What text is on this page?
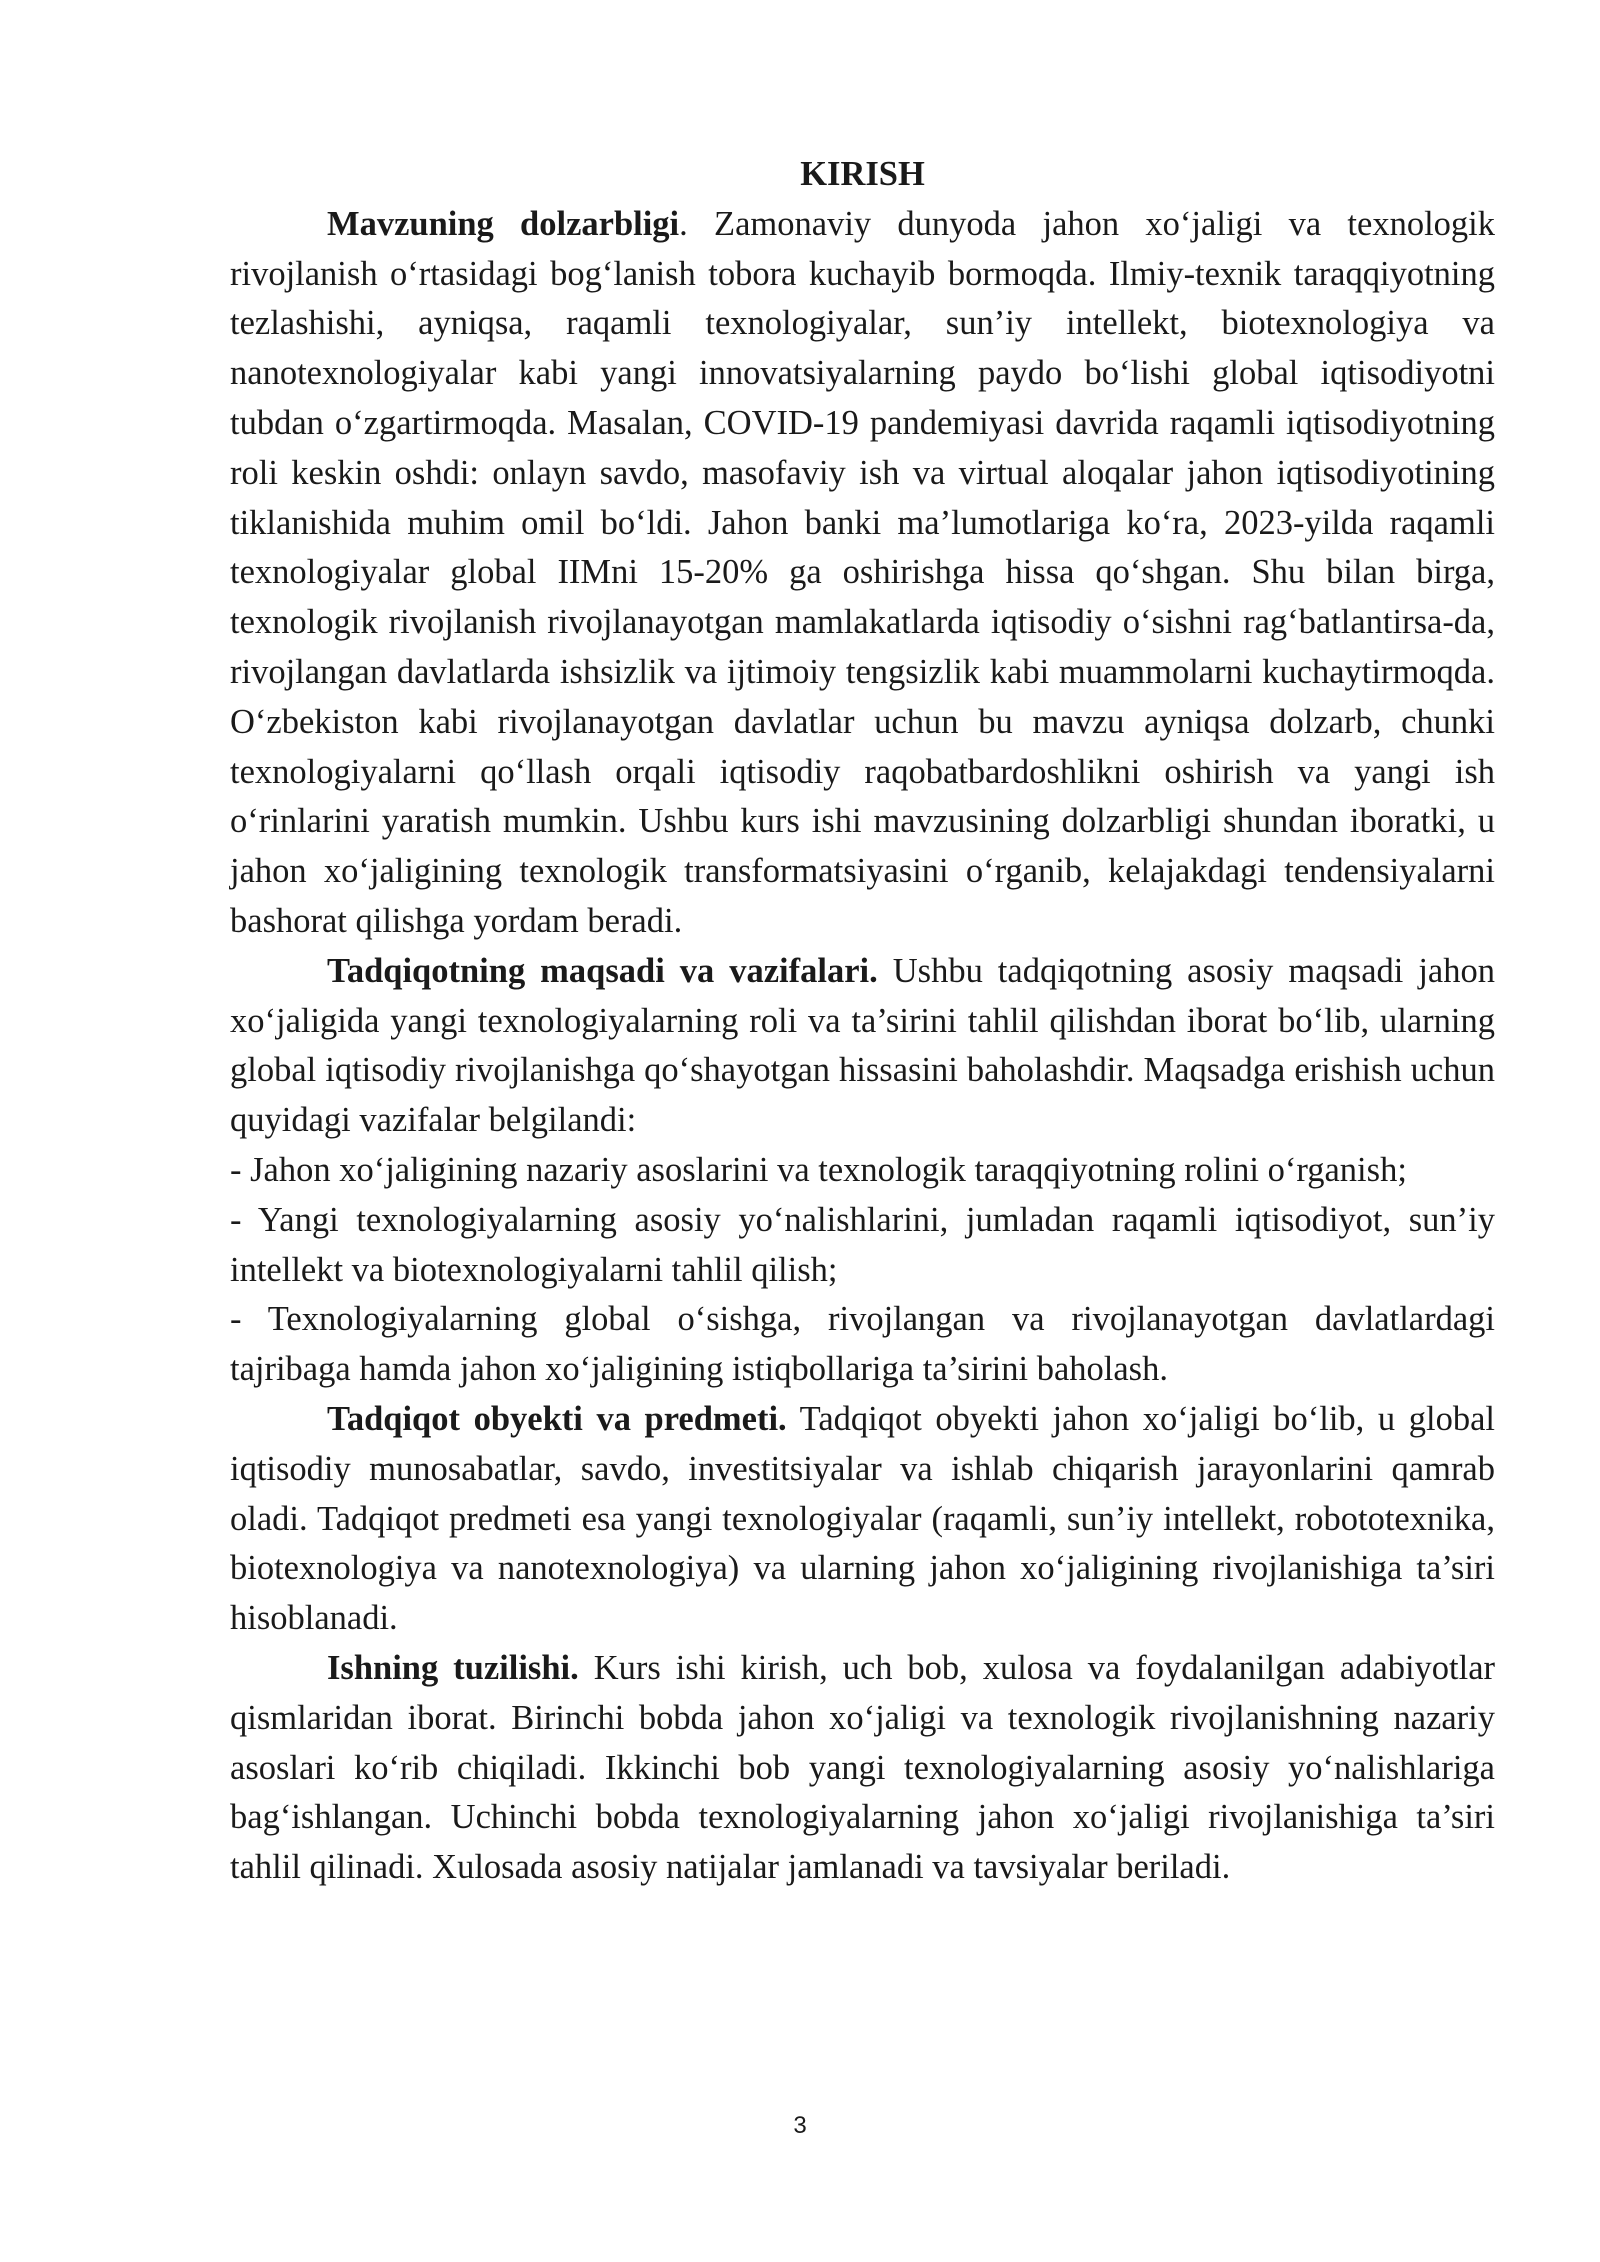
KIRISH

Mavzuning dolzarbligi. Zamonaviy dunyoda jahon xo‘jaligi va texnologik rivojlanish o‘rtasidagi bog‘lanish tobora kuchayib bormoqda. Ilmiy-texnik taraqqiyotning tezlashishi, ayniqsa, raqamli texnologiyalar, sun’iy intellekt, biotexnologiya va nanotexnologiyalar kabi yangi innovatsiyalarning paydo bo‘lishi global iqtisodiyotni tubdan o‘zgartirmoqda. Masalan, COVID-19 pandemiyasi davrida raqamli iqtisodiyotning roli keskin oshdi: onlayn savdo, masofaviy ish va virtual aloqalar jahon iqtisodiyotining tiklanishida muhim omil bo‘ldi. Jahon banki ma’lumotlariga ko‘ra, 2023-yilda raqamli texnologiyalar global IIMni 15-20% ga oshirishga hissa qo‘shgan. Shu bilan birga, texnologik rivojlanish rivojlanayotgan mamlakatlarda iqtisodiy o‘sishni rag‘batlantirsa-da, rivojlangan davlatlarda ishsizlik va ijtimoiy tengsizlik kabi muammolarni kuchaytirmoqda. O‘zbekiston kabi rivojlanayotgan davlatlar uchun bu mavzu ayniqsa dolzarb, chunki texnologiyalarni qo‘llash orqali iqtisodiy raqobatbardoshlikni oshirish va yangi ish o‘rinlarini yaratish mumkin. Ushbu kurs ishi mavzusining dolzarbligi shundan iboratki, u jahon xo‘jaligining texnologik transformatsiyasini o‘rganib, kelajakdagi tendensiyalarni bashorat qilishga yordam beradi.

Tadqiqotning maqsadi va vazifalari. Ushbu tadqiqotning asosiy maqsadi jahon xo‘jaligida yangi texnologiyalarning roli va ta’sirini tahlil qilishdan iborat bo‘lib, ularning global iqtisodiy rivojlanishga qo‘shayotgan hissasini baholashdir. Maqsadga erishish uchun quyidagi vazifalar belgilandi:

- Jahon xo‘jaligining nazariy asoslarini va texnologik taraqqiyotning rolini o‘rganish;

- Yangi texnologiyalarning asosiy yo‘nalishlarini, jumladan raqamli iqtisodiyot, sun’iy intellekt va biotexnologiyalarni tahlil qilish;

- Texnologiyalarning global o‘sishga, rivojlangan va rivojlanayotgan davlatlardagi tajribaga hamda jahon xo‘jaligining istiqbollariga ta’sirini baholash.

Tadqiqot obyekti va predmeti. Tadqiqot obyekti jahon xo‘jaligi bo‘lib, u global iqtisodiy munosabatlar, savdo, investitsiyalar va ishlab chiqarish jarayonlarini qamrab oladi. Tadqiqot predmeti esa yangi texnologiyalar (raqamli, sun’iy intellekt, robototexnika, biotexnologiya va nanotexnologiya) va ularning jahon xo‘jaligining rivojlanishiga ta’siri hisoblanadi.

Ishning tuzilishi. Kurs ishi kirish, uch bob, xulosa va foydalanilgan adabiyotlar qismlaridan iborat. Birinchi bobda jahon xo‘jaligi va texnologik rivojlanishning nazariy asoslari ko‘rib chiqiladi. Ikkinchi bob yangi texnologiyalarning asosiy yo‘nalishlariga bag‘ishlangan. Uchinchi bobda texnologiyalarning jahon xo‘jaligi rivojlanishiga ta’siri tahlil qilinadi. Xulosada asosiy natijalar jamlanadi va tavsiyalar beriladi.

3
